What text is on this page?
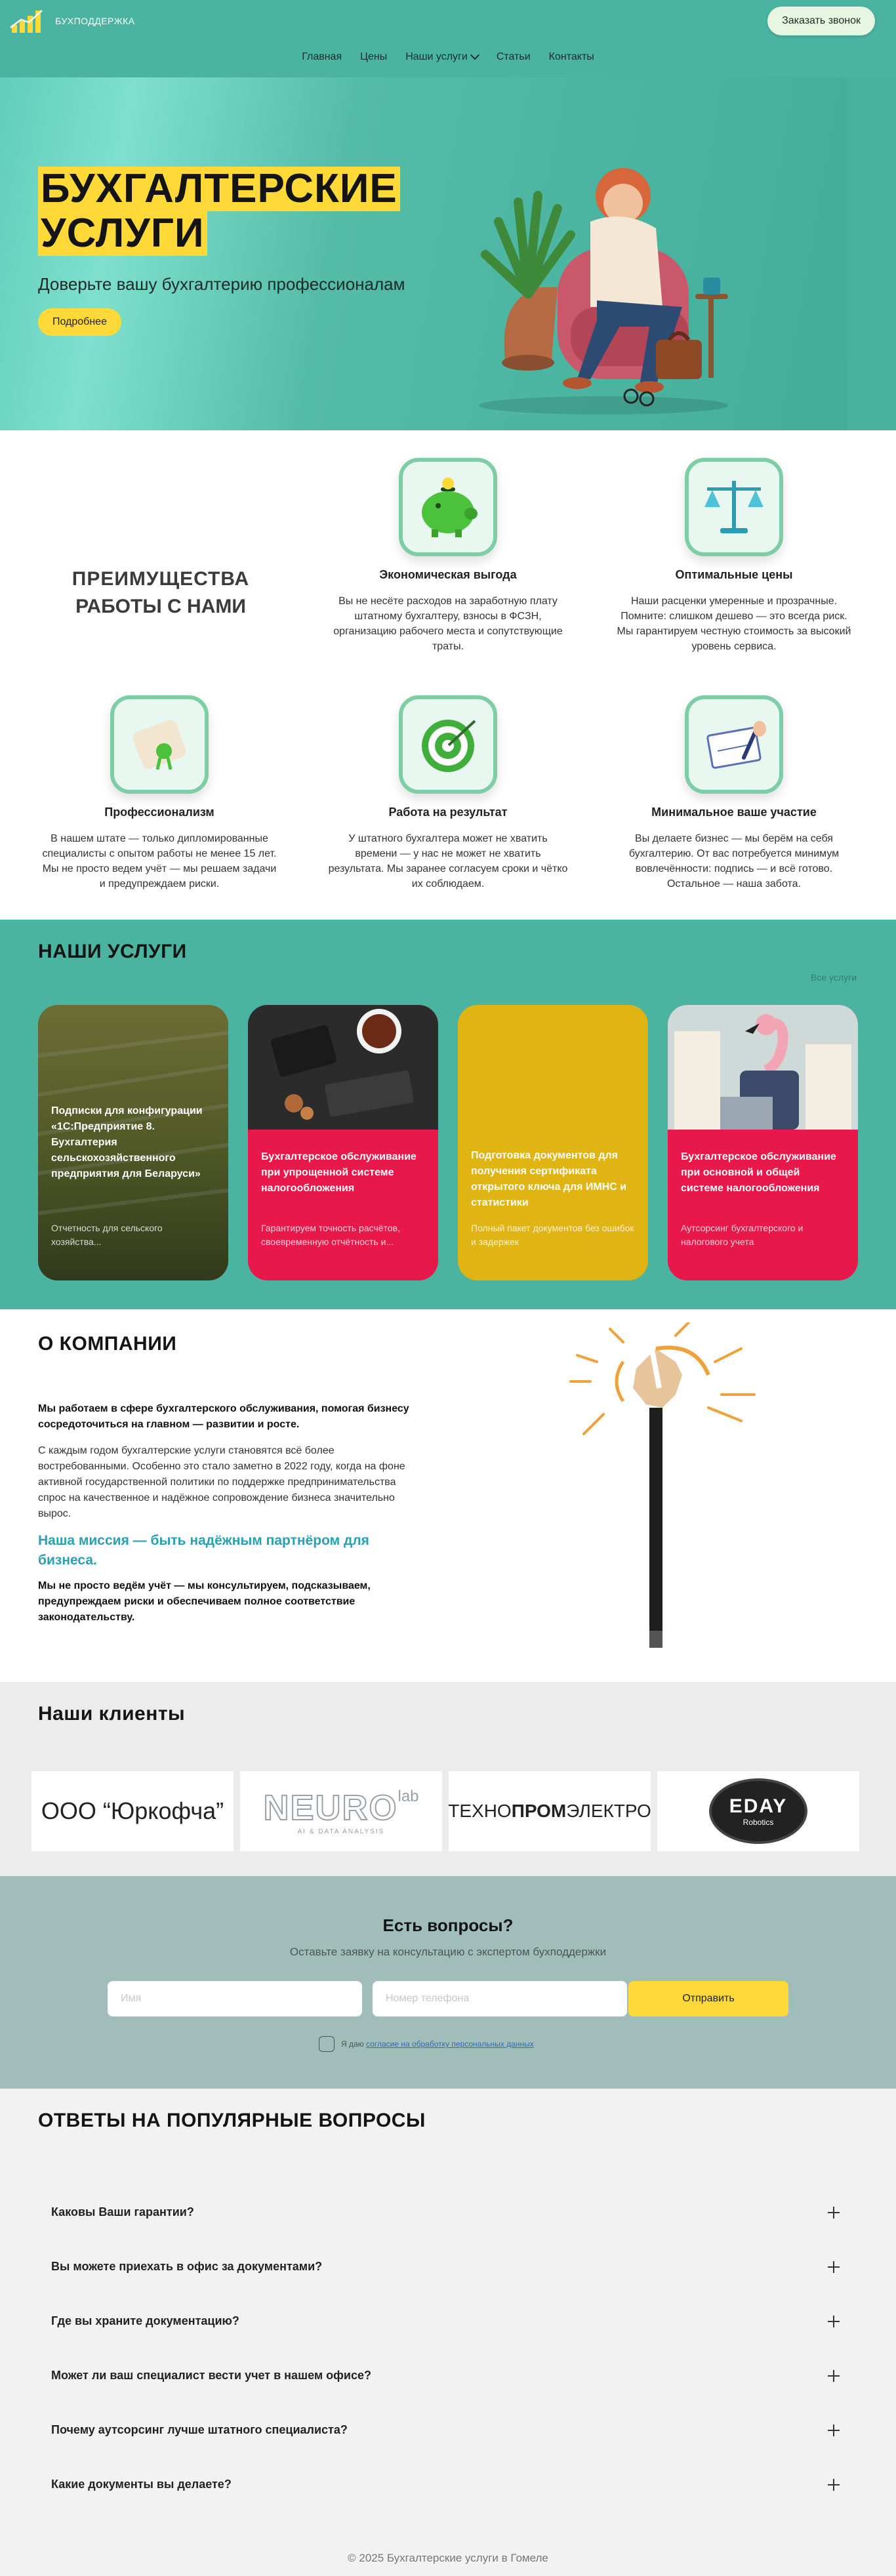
БУХПОДДЕРЖКА	Заказать звонок
Главная Цены Наши услуги	Статьи Контакты
БУХГАЛТЕРСКИЕ
УСЛУГИ
Доверьте вашу бухгалтерию профессионалам
Подробнее
ПРЕИМУЩЕСТВА
РАБОТЫ С НАМИ
Экономическая выгода
Вы не несёте расходов на заработную плату штатному бухгалтеру, взносы в ФСЗН, организацию рабочего места и сопутствующие траты.
Оптимальные цены
Наши расценки умеренные и прозрачные. Помните: слишком дешево — это всегда риск. Мы гарантируем честную стоимость за высокий уровень сервиса.
Профессионализм
В нашем штате — только дипломированные специалисты с опытом работы не менее 15 лет. Мы не просто ведем учёт — мы решаем задачи и предупреждаем риски.
Работа на результат
У штатного бухгалтера может не хватить времени — у нас не может не хватить результата. Мы заранее согласуем сроки и чётко их соблюдаем.
Минимальное ваше участие
Вы делаете бизнес — мы берём на себя бухгалтерию. От вас потребуется минимум вовлечённости: подпись — и всё готово. Остальное — наша забота.
НАШИ УСЛУГИ
Все услуги
Подписки для конфигурации «1С:Предприятие 8. Бухгалтерия сельскохозяйственного предприятия для Беларуси»
Отчетность для сельского хозяйства...
Бухгалтерское обслуживание при упрощенной системе налогообложения
Гарантируем точность расчётов, своевременную отчётность и...
Подготовка документов для получения сертификата открытого ключа для ИМНС и статистики
Полный пакет документов без ошибок и задержек
Бухгалтерское обслуживание при основной и общей системе налогообложения
Аутсорсинг бухгалтерского и налогового учета
О КОМПАНИИ

Мы работаем в сфере бухгалтерского обслуживания, помогая бизнесу сосредоточиться на главном — развитии и росте.

С каждым годом бухгалтерские услуги становятся всё более востребованными. Особенно это стало заметно в 2022 году, когда на фоне активной государственной политики по поддержке предпринимательства спрос на качественное и надёжное сопровождение бизнеса значительно вырос.

Наша миссия — быть надёжным партнёром для бизнеса.

Мы не просто ведём учёт — мы консультируем, подсказываем, предупреждаем риски и обеспечиваем полное соответствие законодательству.

Наши клиенты
ООО “Юркофча” NEURO lab
AI & DATA ANALYSIS
ТЕХНОПРОМЭЛЕКТРО	EDAY
Robotics
Есть вопросы?

Оставьте заявку на консультацию с экспертом бухподдержки

Имя
Номер телефона
Отправить
Я даю согласие на обработку персональных данных
ОТВЕТЫ НА ПОПУЛЯРНЫЕ ВОПРОСЫ
Каковы Ваши гарантии?
Вы можете приехать в офис за документами?
Где вы храните документацию?
Может ли ваш специалист вести учет в нашем офисе?
Почему аутсорсинг лучше штатного специалиста?
Какие документы вы делаете?
© 2025 Бухгалтерские услуги в Гомеле
